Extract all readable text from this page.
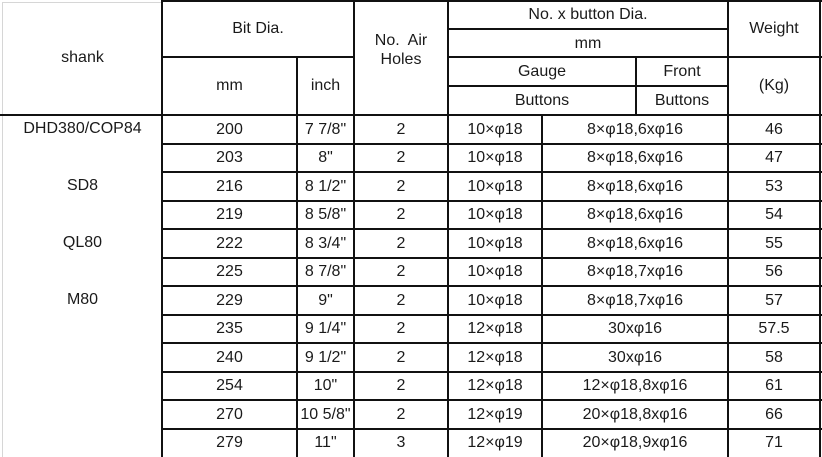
shank
Bit Dia.
mm	inch
No.  Air
Holes
No. x button Dia.
mm
Gauge
Buttons
Front
Buttons
Weight
(Kg)
DHD380/COP84
SD8
QL80
M80
200	7 7/8"	2	10×φ18	8×φ18,6xφ16	46
203	8"	2	10×φ18	8×φ18,6xφ16	47
216	8 1/2"	2	10×φ18	8×φ18,6xφ16	53
219	8 5/8"	2	10×φ18	8×φ18,6xφ16	54
222	8 3/4"	2	10×φ18	8×φ18,6xφ16	55
225	8 7/8"	2	10×φ18	8×φ18,7xφ16	56
229	9"	2	10×φ18	8×φ18,7xφ16	57
235	9 1/4"	2	12×φ18	30xφ16	57.5
240	9 1/2"	2	12×φ18	30xφ16	58
254	10"	2	12×φ18	12×φ18,8xφ16	61
270	10 5/8"	2	12×φ19	20×φ18,8xφ16	66
279	11"	3	12×φ19	20×φ18,9xφ16	71
